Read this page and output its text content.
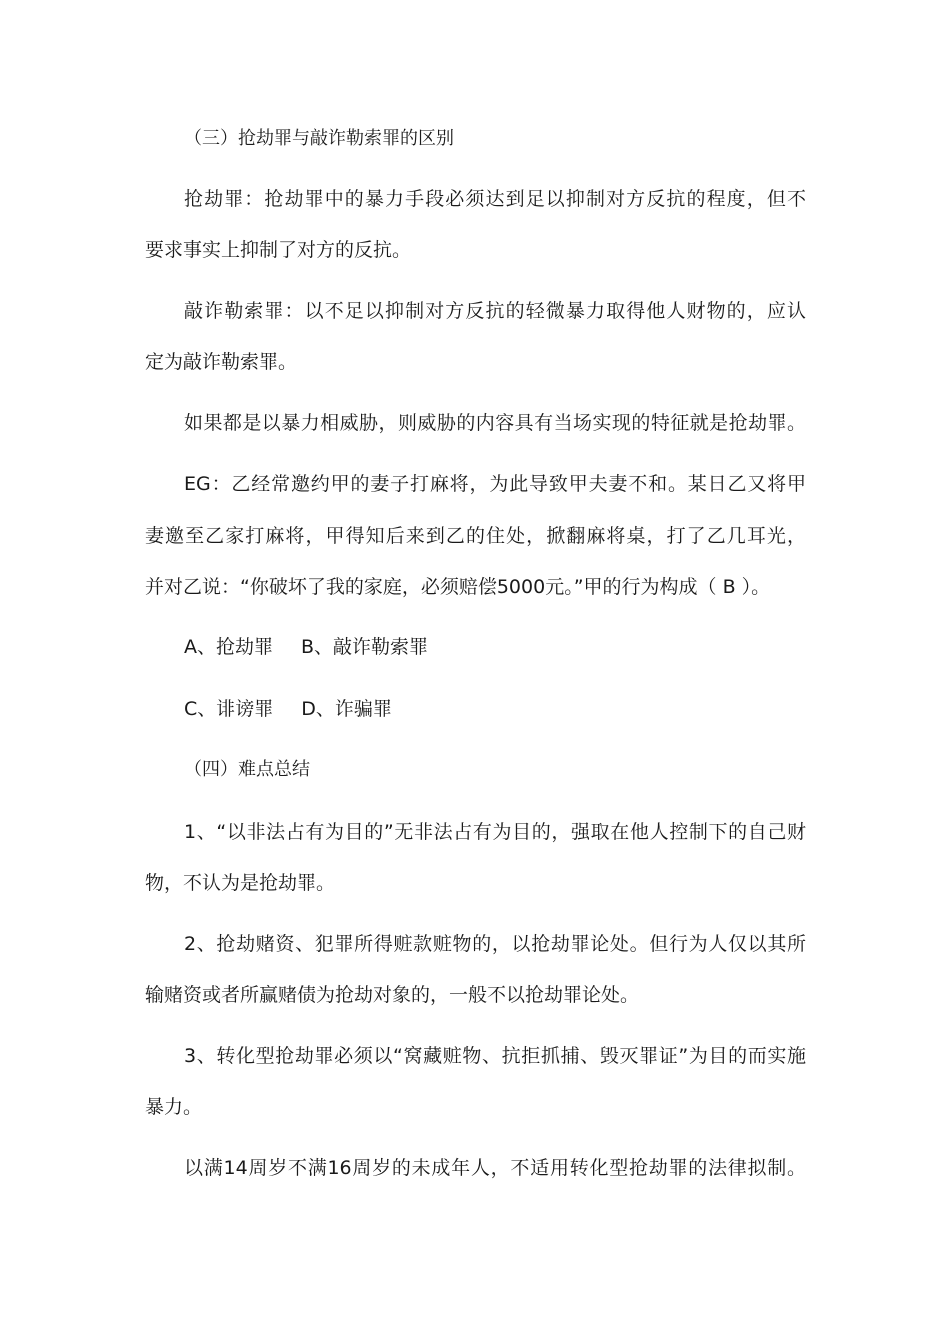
（三）抢劫罪与敲诈勒索罪的区别
抢劫罪：抢劫罪中的暴力手段必须达到足以抑制对方反抗的程度，但不
要求事实上抑制了对方的反抗。
敲诈勒索罪：以不足以抑制对方反抗的轻微暴力取得他人财物的，应认
定为敲诈勒索罪。
如果都是以暴力相威胁，则威胁的内容具有当场实现的特征就是抢劫罪。
EG：乙经常邀约甲的妻子打麻将，为此导致甲夫妻不和。某日乙又将甲
妻邀至乙家打麻将，甲得知后来到乙的住处，掀翻麻将桌，打了乙几耳光，
并对乙说：“你破坏了我的家庭，必须赔偿5000元。”甲的行为构成（ B ）。
A、抢劫罪 B、敲诈勒索罪
C、诽谤罪 D、诈骗罪
（四）难点总结
1、“以非法占有为目的”无非法占有为目的，强取在他人控制下的自己财
物，不认为是抢劫罪。
2、抢劫赌资、犯罪所得赃款赃物的，以抢劫罪论处。但行为人仅以其所
输赌资或者所赢赌债为抢劫对象的，一般不以抢劫罪论处。
3、转化型抢劫罪必须以“窝藏赃物、抗拒抓捕、毁灭罪证”为目的而实施
暴力。
以满14周岁不满16周岁的未成年人，不适用转化型抢劫罪的法律拟制。
